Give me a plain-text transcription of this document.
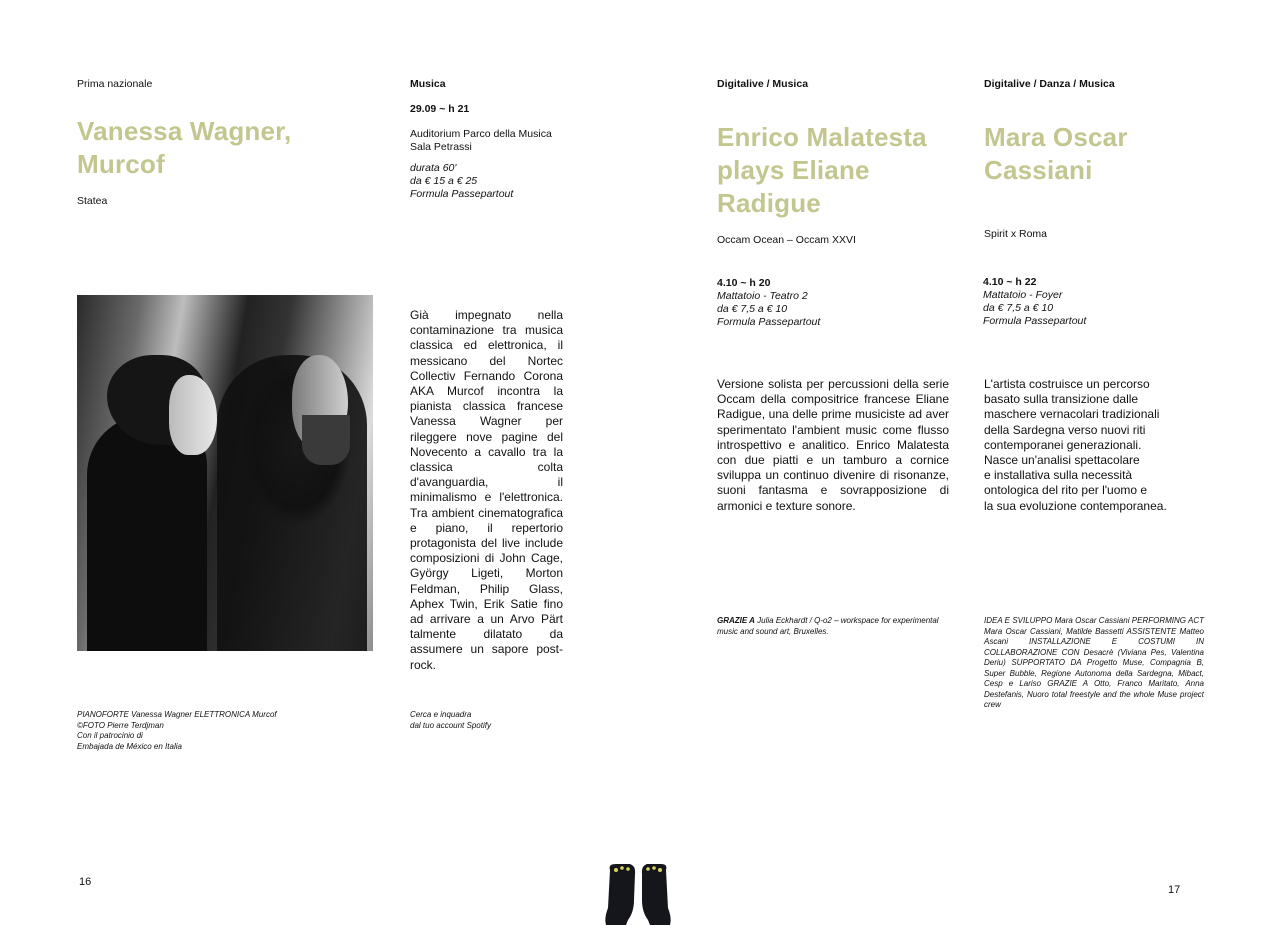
Prima nazionale
Vanessa Wagner,
Murcof
Statea
PIANOFORTE Vanessa Wagner ELETTRONICA Murcof
©FOTO Pierre Terdjman
Con il patrocinio di
Embajada de México en Italia
16
Musica
29.09 ~ h 21
Auditorium Parco della Musica
Sala Petrassi
durata 60'
da € 15 a € 25
Formula Passepartout
Già impegnato nella contaminazione tra musica classica ed elettronica, il messicano del Nortec Collectiv Fernando Corona AKA Murcof incontra la pianista classica francese Vanessa Wagner per rileggere nove pagine del Novecento a cavallo tra la classica colta d'avanguardia, il minimalismo e l'elettronica. Tra ambient cinematografica e piano, il repertorio protagonista del live include composizioni di John Cage, György Ligeti, Morton Feldman, Philip Glass, Aphex Twin, Erik Satie fino ad arrivare a un Arvo Pärt talmente dilatato da assumere un sapore post-rock.
Cerca e inquadra
dal tuo account Spotify
Digitalive / Musica
Enrico Malatesta
plays Eliane
Radigue
Occam Ocean – Occam XXVI
4.10 ~ h 20
Mattatoio - Teatro 2
da € 7,5 a € 10
Formula Passepartout
Versione solista per percussioni della serie Occam della compositrice francese Eliane Radigue, una delle prime musiciste ad aver sperimentato l'ambient music come flusso introspettivo e analitico. Enrico Malatesta con due piatti e un tamburo a cornice sviluppa un continuo divenire di risonanze, suoni fantasma e sovrapposizione di armonici e texture sonore.
GRAZIE A Julia Eckhardt / Q-o2 – workspace for experimental music and sound art, Bruxelles.
Digitalive / Danza / Musica
Mara Oscar
Cassiani
Spirit x Roma
4.10 ~ h 22
Mattatoio - Foyer
da € 7,5 a € 10
Formula Passepartout
L'artista costruisce un percorso
basato sulla transizione dalle
maschere vernacolari tradizionali
della Sardegna verso nuovi riti
contemporanei generazionali.
Nasce un'analisi spettacolare
e installativa sulla necessità
ontologica del rito per l'uomo e
la sua evoluzione contemporanea.
IDEA E SVILUPPO Mara Oscar Cassiani PERFORMING ACT Mara Oscar Cassiani, Matilde Bassetti ASSISTENTE Matteo Ascani INSTALLAZIONE E COSTUMI IN COLLABORAZIONE CON Desacrè (Viviana Pes, Valentina Deriu) SUPPORTATO DA Progetto Muse, Compagnia B, Super Bubble, Regione Autonoma della Sardegna, Mibact, Cesp e Lariso GRAZIE A Otto, Franco Maritato, Anna Destefanis, Nuoro total freestyle and the whole Muse project crew
17
